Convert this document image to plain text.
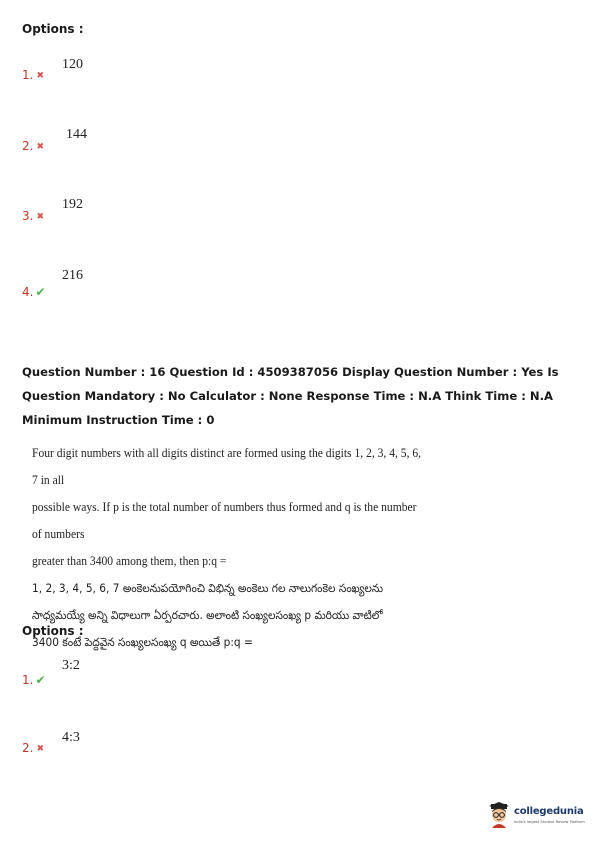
Options :

120
1. ✖
144
2. ✖
192
3. ✖
216
4. ✔

Question Number : 16 Question Id : 4509387056 Display Question Number : Yes Is Question Mandatory : No Calculator : None Response Time : N.A Think Time : N.A Minimum Instruction Time : 0

Four digit numbers with all digits distinct are formed using the digits 1, 2, 3, 4, 5, 6, 7 in all

possible ways. If p is the total number of numbers thus formed and q is the number of numbers

greater than 3400 among them, then p:q =

1, 2, 3, 4, 5, 6, 7 అంకెలనుపయోగించి విభిన్న అంకెలు గల నాలుగంకెల సంఖ్యలను

సాధ్యమయ్యే అన్ని విధాలుగా ఏర్పరచారు. అలాంటి సంఖ్యలసంఖ్య p మరియు వాటిలో

3400 కంటే పెద్దవైన సంఖ్యలసంఖ్య q అయితే p:q =

Options :

3:2
1. ✔
4:3
2. ✖
collegedunia
India's largest Student Review Platform
